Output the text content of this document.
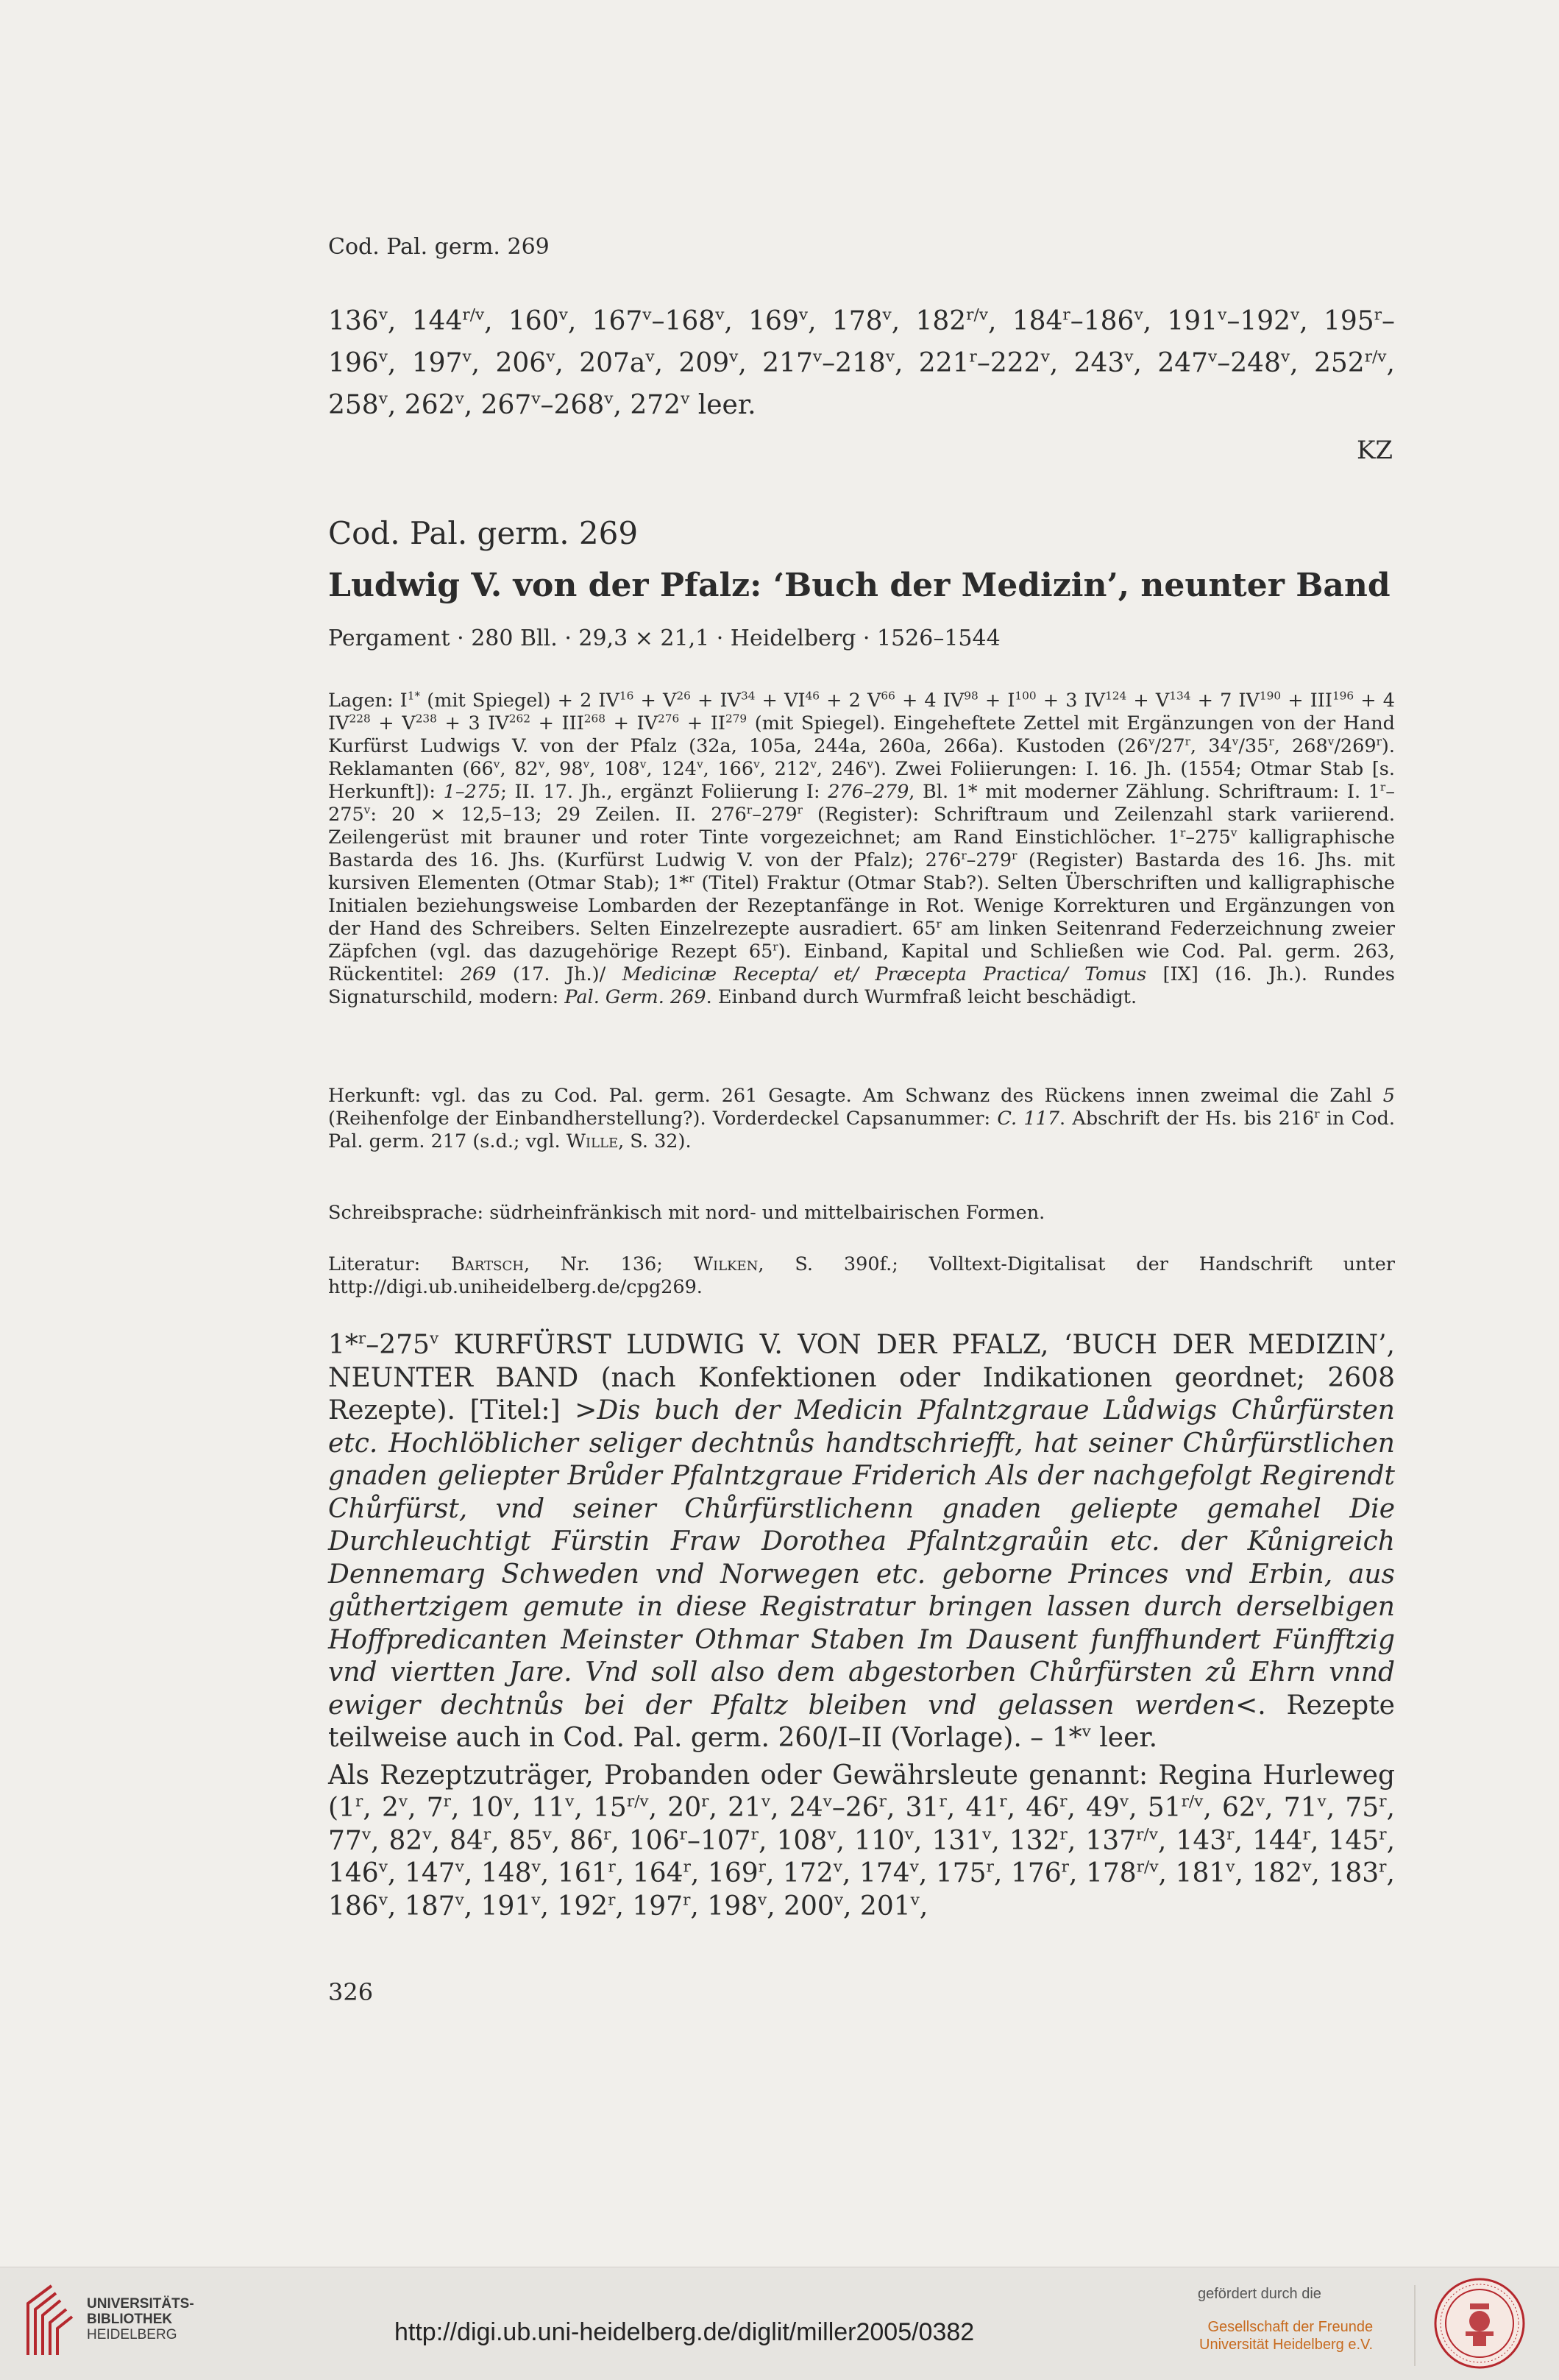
Cod. Pal. germ. 269
136$^v$, $144^{r/v}$, 160$^v$, 167$^v$–168$^v$, 169$^v$, 178$^v$, $182^{r/v}$, 184$^r$–186$^v$, 191$^v$–192$^v$, 195$^r$–196$^v$, 197$^v$, 206$^v$, $207a^v$, 209$^v$, 217$^v$–218$^v$, 221$^r$–222$^v$, 243$^v$, 247$^v$–248$^v$, $252^{r/v}$, 258$^v$, 262$^v$, 267$^v$–268$^v$, 272$^v$ leer.
KZ
Cod. Pal. germ. 269
Ludwig V. von der Pfalz: ‘Buch der Medizin’, neunter Band
Pergament · 280 Bll. · 29,3 × 21,1 · Heidelberg · 1526–1544
Lagen: $I^{1*}$ (mit Spiegel) + 2 $IV^{16} + V^{26} + IV^{34} + VI^{46} + 2$ $V^{66} + 4$ $IV^{98} + I^{100} + 3$ $IV^{124} + V^{134} + 7$ $IV^{190} + III^{196} + 4$ $IV^{228} + V^{238} + 3$ $IV^{262} + III^{268} + IV^{276} + II^{279}$ (mit Spiegel). Eingeheftete Zettel mit Ergänzungen von der Hand Kurfürst Ludwigs V. von der Pfalz (32a, 105a, 244a, 260a, 266a). Kustoden (26$^v$/27$^r$, 34$^v$/35$^r$, 268$^v$/269$^r$). Reklamanten (66$^v$, 82$^v$, 98$^v$, 108$^v$, 124$^v$, 166$^v$, 212$^v$, 246$^v$). Zwei Foliierungen: I. 16. Jh. (1554; Otmar Stab [s. Herkunft]): 1–275; II. 17. Jh., ergänzt Foliierung I: 276–279, Bl. 1* mit moderner Zählung. Schriftraum: I. 1$^r$–275$^v$: 20 × 12,5–13; 29 Zeilen. II. 276$^r$–279$^r$ (Register): Schriftraum und Zeilenzahl stark variierend. Zeilengerüst mit brauner und roter Tinte vorgezeichnet; am Rand Einstichlöcher. 1$^r$–275$^v$ kalligraphische Bastarda des 16. Jhs. (Kurfürst Ludwig V. von der Pfalz); 276$^r$–279$^r$ (Register) Bastarda des 16. Jhs. mit kursiven Elementen (Otmar Stab); 1*$^r$ (Titel) Fraktur (Otmar Stab?). Selten Überschriften und kalligraphische Initialen beziehungsweise Lombarden der Rezeptanfänge in Rot. Wenige Korrekturen und Ergänzungen von der Hand des Schreibers. Selten Einzelrezepte ausradiert. 65$^r$ am linken Seitenrand Federzeichnung zweier Zäpfchen (vgl. das dazugehörige Rezept 65$^r$). Einband, Kapital und Schließen wie Cod. Pal. germ. 263, Rückentitel: 269 (17. Jh.)/ Medicinæ Recepta/ et/ Præcepta Practica/ Tomus [IX] (16. Jh.). Rundes Signaturschild, modern: Pal. Germ. 269. Einband durch Wurmfraß leicht beschädigt.
Herkunft: vgl. das zu Cod. Pal. germ. 261 Gesagte. Am Schwanz des Rückens innen zweimal die Zahl 5 (Reihenfolge der Einbandherstellung?). Vorderdeckel Capsanummer: C. 117. Abschrift der Hs. bis 216$^r$ in Cod. Pal. germ. 217 (s.d.; vgl. Wille, S. 32).
Schreibsprache: südrheinfränkisch mit nord- und mittelbairischen Formen.
Literatur: Bartsch, Nr. 136; Wilken, S. 390f.; Volltext-Digitalisat der Handschrift unter http://digi.ub.uniheidelberg.de/cpg269.

1*$^r$–275$^v$ KURFÜRST LUDWIG V. VON DER PFALZ, ‘BUCH DER MEDIZIN’, NEUNTER BAND (nach Konfektionen oder Indikationen geordnet; 2608 Rezepte). [Titel:] >Dis buch der Medicin Pfalntzgraue Lůdwigs Chůrfürsten etc. Hochlöblicher seliger dechtnůs handtschriefft, hat seiner Chůrfürstlichen gnaden geliepter Brůder Pfalntzgraue Friderich Als der nachgefolgt Regirendt Chůrfürst, vnd seiner Chůrfürstlichenn gnaden geliepte gemahel Die Durchleuchtigt Fürstin Fraw Dorothea Pfalntzgraůin etc. der Kůnigreich Dennemarg Schweden vnd Norwegen etc. geborne Princes vnd Erbin, aus gůthertzigem gemute in diese Registratur bringen lassen durch derselbigen Hoffpredicanten Meinster Othmar Staben Im Dausent funffhundert Fünfftzig vnd viertten Jare. Vnd soll also dem abgestorben Chůrfürsten zů Ehrn vnnd ewiger dechtnůs bei der Pfaltz bleiben vnd gelassen werden<. Rezepte teilweise auch in Cod. Pal. germ. 260/I–II (Vorlage). – 1*$^v$ leer.

Als Rezeptzuträger, Probanden oder Gewährsleute genannt: Regina Hurleweg (1$^r$, 2$^v$, 7$^r$, 10$^v$, 11$^v$, $15^{r/v}$, 20$^r$, 21$^v$, 24$^v$–26$^r$, 31$^r$, 41$^r$, 46$^r$, 49$^v$, $51^{r/v}$, 62$^v$, 71$^v$, 75$^r$, 77$^v$, 82$^v$, 84$^r$, 85$^v$, 86$^r$, 106$^r$–107$^r$, 108$^v$, 110$^v$, 131$^v$, 132$^r$, $137^{r/v}$, 143$^r$, 144$^r$, 145$^r$, 146$^v$, 147$^v$, 148$^v$, 161$^r$, 164$^r$, 169$^r$, 172$^v$, 174$^v$, 175$^r$, 176$^r$, $178^{r/v}$, 181$^v$, 182$^v$, 183$^r$, 186$^v$, 187$^v$, 191$^v$, 192$^r$, 197$^r$, 198$^v$, 200$^v$, 201$^v$,

326
UNIVERSITÄTS-
BIBLIOTHEK
HEIDELBERG	http://digi.ub.uni-heidelberg.de/diglit/miller2005/0382
gefördert durch die
Gesellschaft der Freunde
Universität Heidelberg e.V.
